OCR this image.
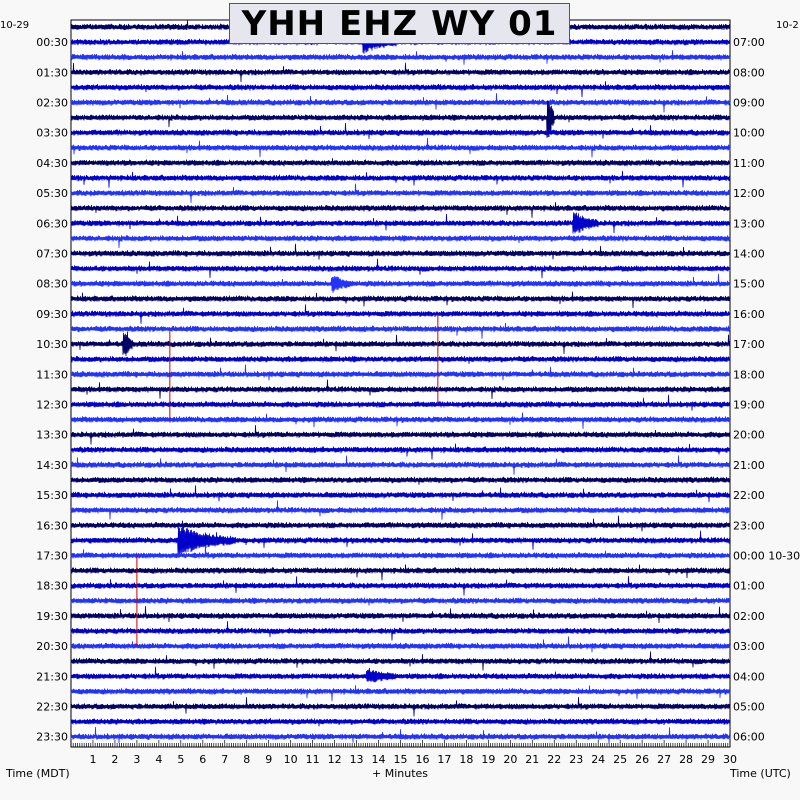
1 2 3 4 5 6 7 8 9 10 11 12 13 14 15 16 17 18 19 20 21 22 23 24 25 26 27 28 29 30
00:30
01:30
02:30
03:30
04:30
05:30
06:30
07:30
08:30
09:30
10:30
11:30
12:30
13:30
14:30
15:30
16:30
17:30
18:30
19:30
20:30
21:30
22:30
23:30
07:00
08:00
09:00
10:00
11:00
12:00
13:00
14:00
15:00
16:00
17:00
18:00
19:00
20:00
21:00
22:00
23:00
00:00 10-30
01:00
02:00
03:00
04:00
05:00
06:00
YHH EHZ WY 01
10-29	10-2
Time (MDT)	+ Minutes	Time (UTC)
